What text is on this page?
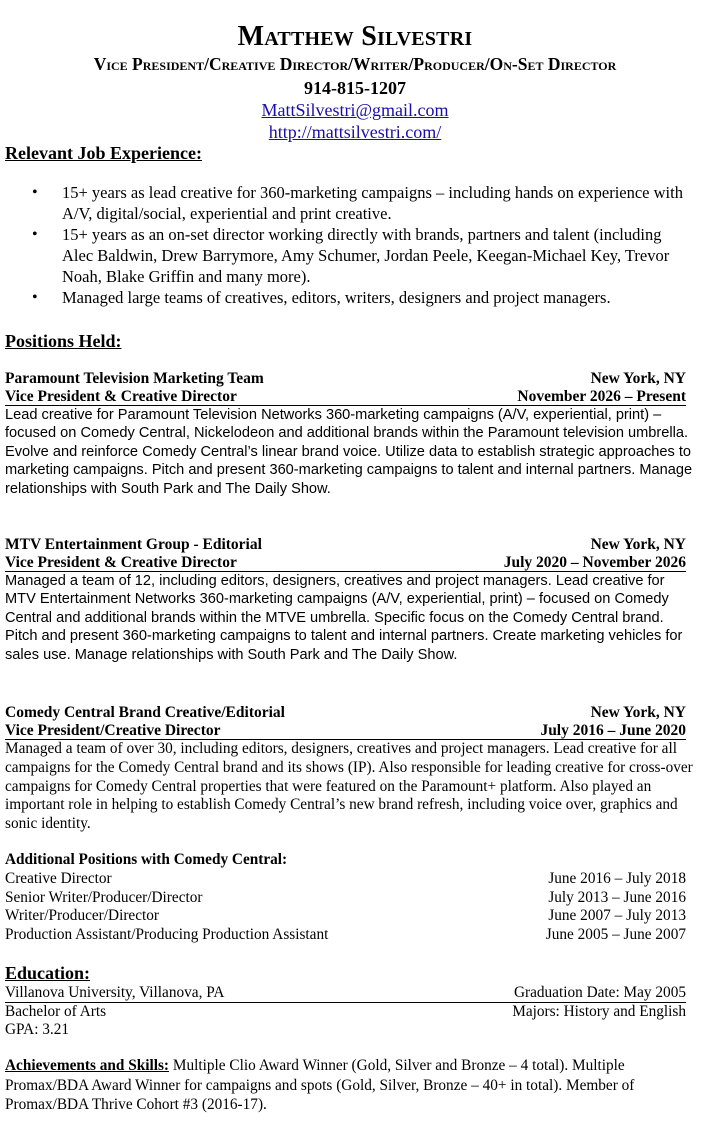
Matthew Silvestri
Vice President/Creative Director/Writer/Producer/On-Set Director
914-815-1207
MattSilvestri@gmail.com
http://mattsilvestri.com/
Relevant Job Experience:
• 15+ years as lead creative for 360-marketing campaigns – including hands on experience with A/V, digital/social, experiential and print creative.
• 15+ years as an on-set director working directly with brands, partners and talent (including Alec Baldwin, Drew Barrymore, Amy Schumer, Jordan Peele, Keegan-Michael Key, Trevor Noah, Blake Griffin and many more).
• Managed large teams of creatives, editors, writers, designers and project managers.
Positions Held:
Paramount Television Marketing Team	New York, NY
Vice President & Creative Director	November 2026 – Present
Lead creative for Paramount Television Networks 360-marketing campaigns (A/V, experiential, print) – focused on Comedy Central, Nickelodeon and additional brands within the Paramount television umbrella. Evolve and reinforce Comedy Central’s linear brand voice. Utilize data to establish strategic approaches to marketing campaigns. Pitch and present 360-marketing campaigns to talent and internal partners. Manage relationships with South Park and The Daily Show.
MTV Entertainment Group - Editorial	New York, NY
Vice President & Creative Director	July 2020 – November 2026
Managed a team of 12, including editors, designers, creatives and project managers. Lead creative for MTV Entertainment Networks 360-marketing campaigns (A/V, experiential, print) – focused on Comedy Central and additional brands within the MTVE umbrella. Specific focus on the Comedy Central brand. Pitch and present 360-marketing campaigns to talent and internal partners. Create marketing vehicles for sales use. Manage relationships with South Park and The Daily Show.
Comedy Central Brand Creative/Editorial	New York, NY
Vice President/Creative Director	July 2016 – June 2020
Managed a team of over 30, including editors, designers, creatives and project managers. Lead creative for all campaigns for the Comedy Central brand and its shows (IP). Also responsible for leading creative for cross-over campaigns for Comedy Central properties that were featured on the Paramount+ platform. Also played an important role in helping to establish Comedy Central’s new brand refresh, including voice over, graphics and sonic identity.
Additional Positions with Comedy Central:
Creative Director	June 2016 – July 2018
Senior Writer/Producer/Director	July 2013 – June 2016
Writer/Producer/Director	June 2007 – July 2013
Production Assistant/Producing Production Assistant	June 2005 – June 2007
Education:
Villanova University, Villanova, PA	Graduation Date: May 2005
Bachelor of Arts	Majors: History and English
GPA: 3.21
Achievements and Skills: Multiple Clio Award Winner (Gold, Silver and Bronze – 4 total). Multiple Promax/BDA Award Winner for campaigns and spots (Gold, Silver, Bronze – 40+ in total). Member of Promax/BDA Thrive Cohort #3 (2016-17).
